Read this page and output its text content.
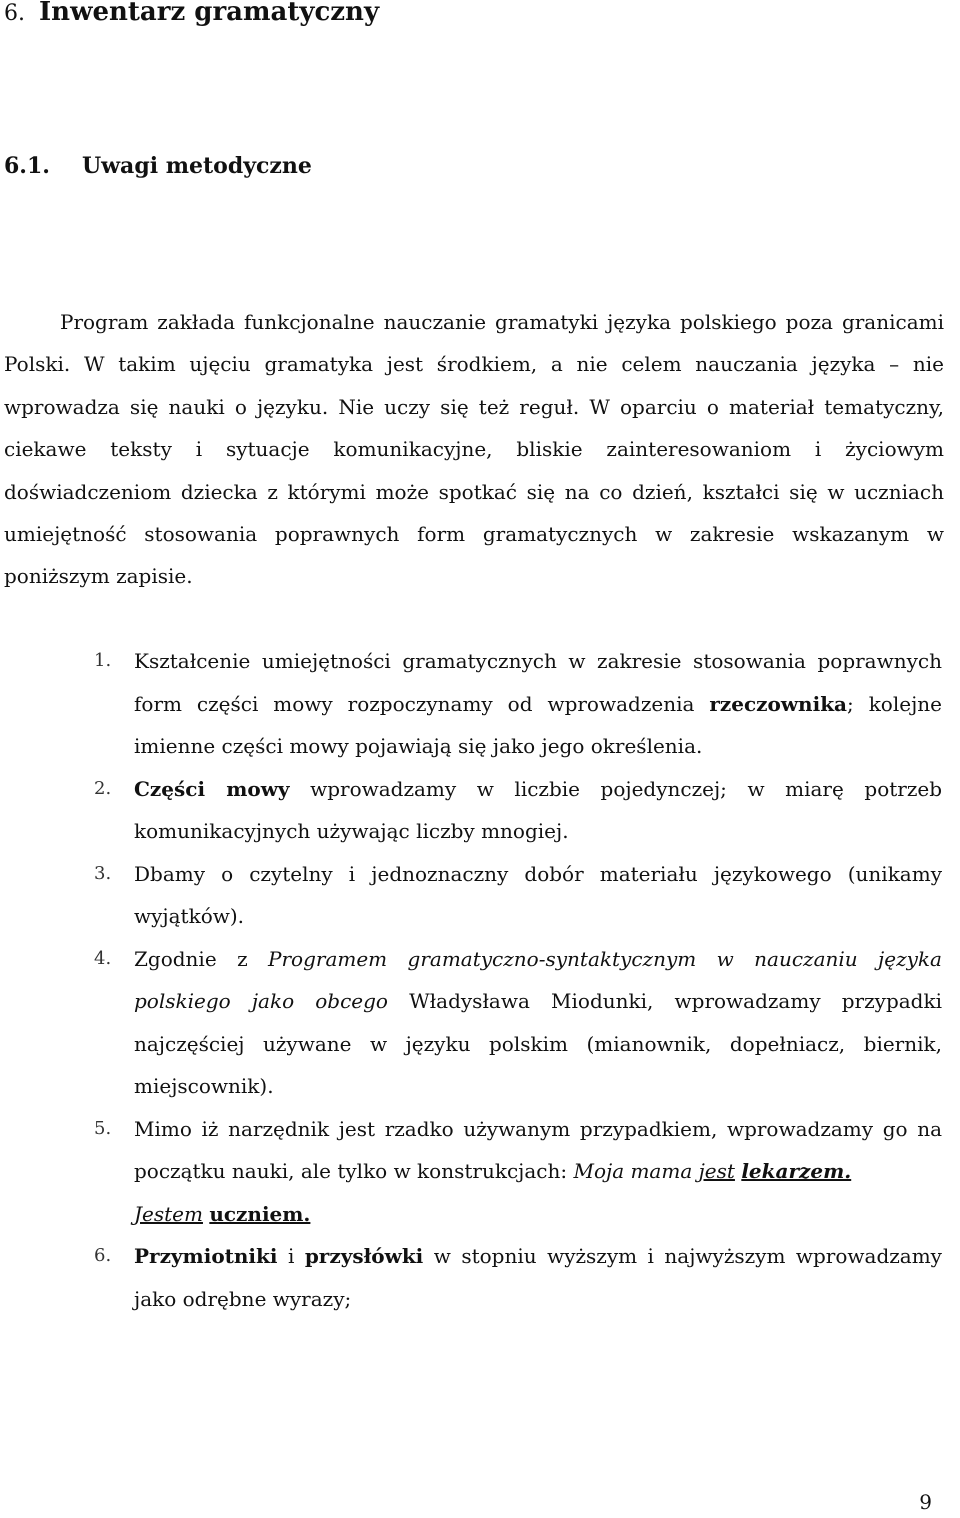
6. Inwentarz gramatyczny
6.1. Uwagi metodyczne

Program zakłada funkcjonalne nauczanie gramatyki języka polskiego poza granicami Polski. W takim ujęciu gramatyka jest środkiem, a nie celem nauczania języka – nie wprowadza się nauki o języku. Nie uczy się też reguł. W oparciu o materiał tematyczny, ciekawe teksty i sytuacje komunikacyjne, bliskie zainteresowaniom i życiowym doświadczeniom dziecka z którymi może spotkać się na co dzień, kształci się w uczniach umiejętność stosowania poprawnych form gramatycznych w zakresie wskazanym w poniższym zapisie.

1.	Kształcenie umiejętności gramatycznych w zakresie stosowania poprawnych form części mowy rozpoczynamy od wprowadzenia rzeczownika; kolejne imienne części mowy pojawiają się jako jego określenia.
2.	Części mowy wprowadzamy w liczbie pojedynczej; w miarę potrzeb komunikacyjnych używając liczby mnogiej.
3.	Dbamy o czytelny i jednoznaczny dobór materiału językowego (unikamy wyjątków).
4.	Zgodnie z Programem gramatyczno-syntaktycznym w nauczaniu języka polskiego jako obcego Władysława Miodunki, wprowadzamy przypadki najczęściej używane w języku polskim (mianownik, dopełniacz, biernik, miejscownik).
5.	Mimo iż narzędnik jest rzadko używanym przypadkiem, wprowadzamy go na początku nauki, ale tylko w konstrukcjach: Moja mama jest lekarzem.
Jestem uczniem.
6.	Przymiotniki i przysłówki w stopniu wyższym i najwyższym wprowadzamy jako odrębne wyrazy;
9
